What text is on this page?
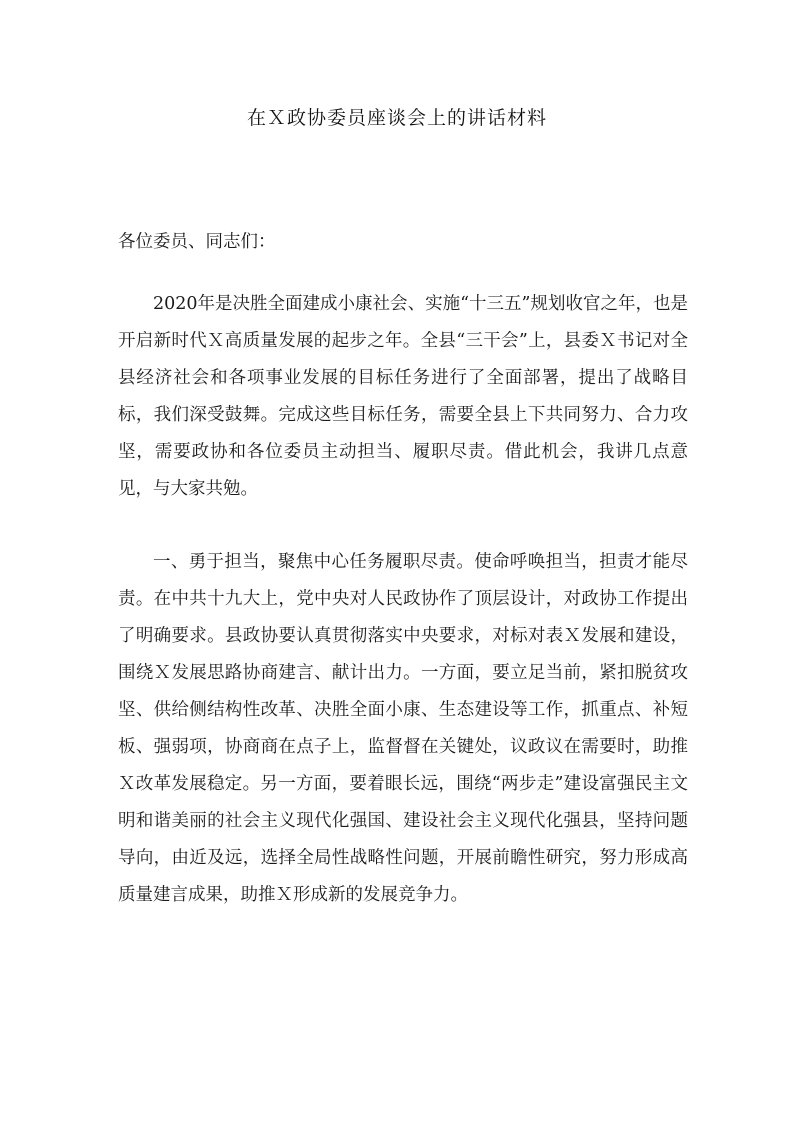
在Ｘ政协委员座谈会上的讲话材料
各位委员、同志们：

2020年是决胜全面建成小康社会、实施“十三五”规划收官之年，也是开启新时代Ｘ高质量发展的起步之年。全县“三干会”上，县委Ｘ书记对全县经济社会和各项事业发展的目标任务进行了全面部署，提出了战略目标，我们深受鼓舞。完成这些目标任务，需要全县上下共同努力、合力攻坚，需要政协和各位委员主动担当、履职尽责。借此机会，我讲几点意见，与大家共勉。

一、勇于担当，聚焦中心任务履职尽责。使命呼唤担当，担责才能尽责。在中共十九大上，党中央对人民政协作了顶层设计，对政协工作提出了明确要求。县政协要认真贯彻落实中央要求，对标对表Ｘ发展和建设，围绕Ｘ发展思路协商建言、献计出力。一方面，要立足当前，紧扣脱贫攻坚、供给侧结构性改革、决胜全面小康、生态建设等工作，抓重点、补短板、强弱项，协商商在点子上，监督督在关键处，议政议在需要时，助推Ｘ改革发展稳定。另一方面，要着眼长远，围绕“两步走”建设富强民主文明和谐美丽的社会主义现代化强国、建设社会主义现代化强县，坚持问题导向，由近及远，选择全局性战略性问题，开展前瞻性研究，努力形成高质量建言成果，助推Ｘ形成新的发展竞争力。
